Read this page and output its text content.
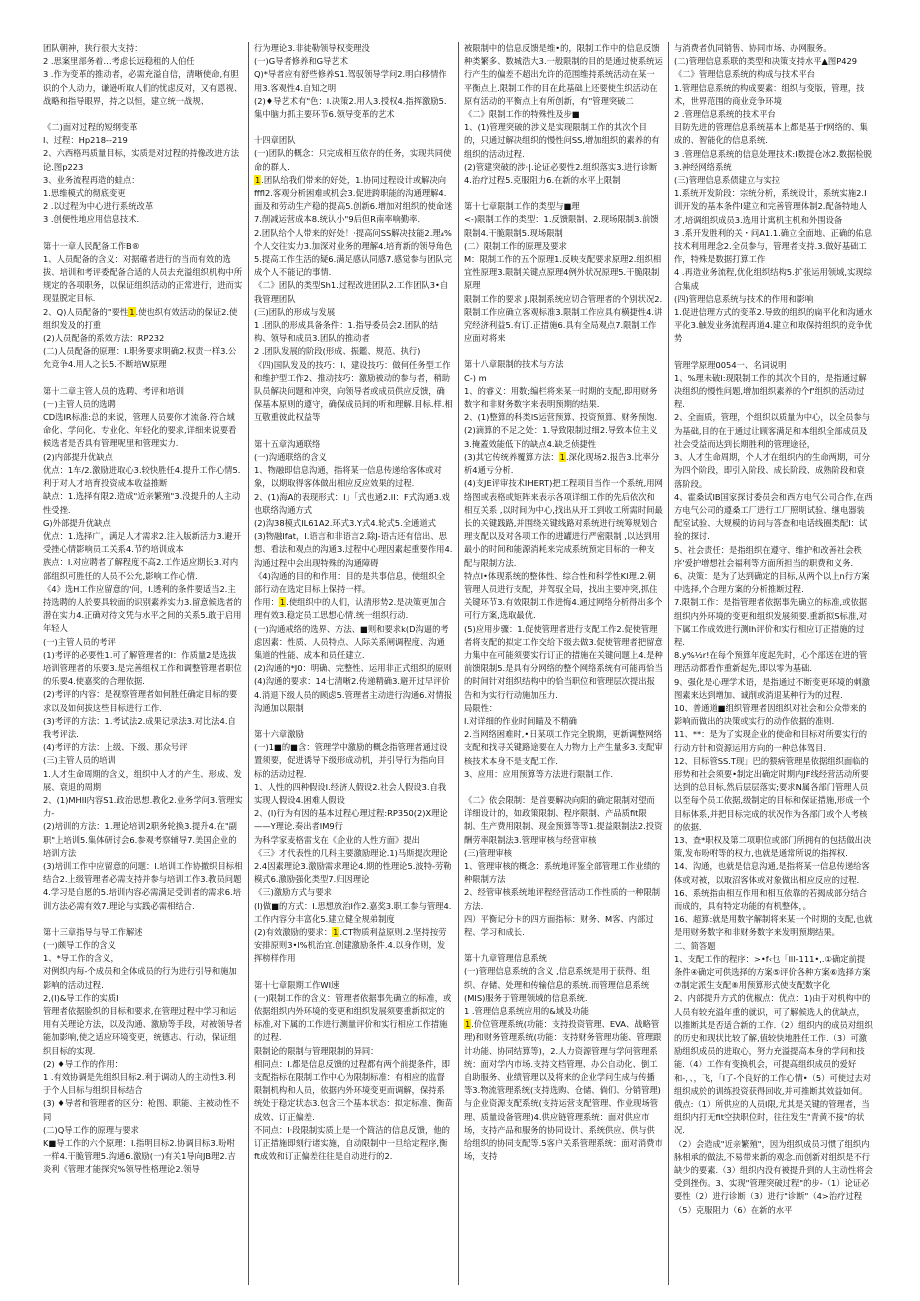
团队朝神，狭行很大支持：

2 .思案里部务着…考虑长远稳租的人伯任

3 .作为变革的推动者，必需充溢自信，清晰使命,有胆识的个人动力，谦逊听取人们的忧虑反对，又有恩视、战略和指导眼界，持之以恒，建立统一战规、

《二)面对过程的短纲变革

I、过程：Hp218--219

2、六西格玛质量目标，实质是对过程的持像改进方法论.图p223

3、业务流程再造的蛙点：

1.思维模式的彻底变更

2 .以过程为中心进行系统改革

3 .创便性地应用信息技术.

第十一章人民配备工作B®

1、人员配备的含义：对据確者进行的当而有效的选拔、培训和考评委配备合适的人员去充溢组织机构中所规定的各项职务，以保证组织活动的正常进行，进而实现显脱定目标.

2、Q)人员配备的"要性1.使也织有效活动的保证2.使组织发及的打重

(2)人员配备的系效方法：RP232

(二)人员配备的原理：I.职务要求明确2.权责一样3.公允竞争4.用人之长5.不断培W原理

第十二章主管人员的选聘、考评和培训

(－)主管人员的选聘

CD选IR标准:总的来说，管理人员要你才流备.符合域命化、学问化、专业化、年轻化的要求,详细来说要看候选者是否具有管理呢里和管理实力.

(2)内部提升优缺点

优点：1车/2.激励进取心3.较快胜任4.提升工作心情5.利于对人才培育投资成本收益推断

缺点：1.选择有限2.造成"近亲繁殖"3.没提升的人主动性受挫.

G)外部提升优缺点

优点：1.选择广，满足人才需求2.注入版新活力3.避开受挫心情影响员工关系4.节约培训成本

族点：I.对应聘者了解程度不高2.工作适应期长3.对内部组织可胜任的人员不公允,影响工作心情.

《4》选H工作应留意的'问，I.透利的条件要适当2.主持选聘的人於要具较面的识别素养实力3.留意候选者的潜在实力4.正确对待文凭与水平之间的关系5.敢于启用年轻人

(一)主管人员的考评

(1)考评的必要性1.可了解管理者的I：作质量2是选拔培训管理者的乐要3.是完善组权工作和调整管理者职位的乐要4.使嘉奖的合理依据.

(2)考评的内容：是视察管理者如何胜任确定目标的要求以及如何拔这些目标进行工作.

(3)考评的方法：1.考试法2.成果记录法3.对比法4.自我考评法.

(4)考评的方法：上级、下级、那众号评

(三)主管人员的培训

1.人才生命周期的含义，组织中人才的产生、形成、发展、衰退的周期

2、(1)MHII内容S1.政治思想.教化2.业务学问3.管理实力-

(2)培训的方法：1.理论培训2职务轮换3.提升4.在"副职"上培训5.集体研讨会6.参观考察辅导7.美国企业的培训方法

(3)培训工作中应留意的问题：I.培训工作协撤织目标相结合2.上级管理者必需支持并参与培训工作3.教员问题4.学习是自愿的5.培训内容必需满足受训者的需求6.培训方法必需有效7.理论与实践必需相结合.

第十三章指导与导工作解述

(一)颇导工作的含义

1、*导工作的含义，

对例织内每-个成员和全体成员的行为进行引导和施加影响的活动过程.

2,(I)&导工作的实质I

管理者依据脸织的目标和要求,在管理过程中学习和运用有关理论方法，以及沟通、激励等手段，对被领导者能加影响,使之适应环境变更，统德志、行动，保证组织目标的实现.

(2) ♦导工作的作用：

1 .有效协调是先组织目标2.利于调动人的主动性3.利于个人目标与组织目标结合

(3) ♦导者和管理者的区分：枪图、职能、主被动性不同

(二)Q导工作的原理与要求

K■导工作的六个原理：I.指明目标2.协调目标3.吩咐一样4.干脆管理5.沟通6.激励(一)有关1导向JB理2.吉炎利《管理才能探究%领导性格理论2.领导

行为理论3.非徒勒领导权变理没

(一)G导者修养和G导艺术

Q)*导者应有舒些修养S1.驾驭领导学问2.明白移情作用3.客观性4.自知之明

(2)♦导艺术有"色：I.决策2.用人3.授权4.指挥激励5.集中脑力抓主要环节6.领导变革的艺术

十四章团队

(一)团队的概念：只完成相互依存的任务，实现共同使命的群人.

1.团队给我们带来的好处，1.协同过程设计或解决向fffl2.客观分析困难或机会3.促进跨职能的沟通理解4.面及和劳动生产稳的提高5.创新6.增加对组织的使命迷7.削减运营成本8.统认小"9后但R南率响勤率.

2.团队给个人带来的好处！·提高问SS解决技能2.理₄%个人交往实力3.加深对业务的理解4.培育新的领导角色5.提高工作生活的疑6.满足感认同感7.感觉参与团队完成个人不能记的事情.

《二》团队的类型Sh1.过程改进团队2.工作团队3•自我管理团队

(三)团队的形成与发展

1 .团队的形成具备条件：1.指导委员会2.团队的结构、领导和成员3.团队的推动者

2 .团队发展的阶段(形成、振鑑、规范、执行)

《四)国队发及的技巧：I、建设技巧：做何任务型工作和维护型工作2、推动技巧：激励被动的参与者，稍助队员解决问题和冲突，向领导者或成员供应反馈，确保基本原则的遵守，确保成员间的听和理解.目标.样.相

互敬重彼此权益等

第十五章沟通联络

(一)沟通联络的含义

1、物融即信息沟通，指将某一信息传递给客体或对象，以期取得客体做出相应反应效果的过程.

2、(1)海A的表现形式：I」「式也通2.II：F式沟通3.戏也联络沟通方式

(2)沟38模式IL61A2.环式3.Y式4.轮式5.全通道式

(3)物融Ifat，I.语言和非语言2.除J-语古还有信出、思想、看法和观点的沟通3.过程中心理因素起重要作用4.沟通过程中会出现特殊的沟通障碍

《4)沟通的目的和作用：目的是共事信息，使组织全部行动在选定目标上保持一样。

作用：1.使组织中的人们，认清形势2.是决策更加合理有效3.稳定员工思想心情.统一组织行动.

(一)沟通戒络的选界、方法、■则和要求k(D沟逼的考虑因素：性质、人员特点、人际关系闸调程度、沟通集道的性能、成本和员任建立.

(2)沟通的*J0：明确、完整性、运用非正式组织的原则

(4)沟通的要求：14七清晰2.传递精确3.避开过早评价4.消退下级人员的顾虑5.管理者主动进行沟通6.对情报沟通加以限制

第十六章激励

(一)1■的■含：管理学中激励的概念指管理者通过设置须要，促进诱导下级形成动机，并引导行为指向目标的活动过程.

1、人性的四种假设I.经济人假设2.社会人假设3.自我实现人假设4.困难人假设

2、(I)行为有因的基本过程心理过程:RP350(2)X理论——Y理论.奏出者IM9行

为科学家麦格雷戈在《企业的人性方面》提出

《三》才代表性的几科主要激励理论.1)马斯提次理论2.4因素理论3.激励需求理论4.期的性理论5.波特-劳勒模式6.激励强化类型7.归因理论

《三)激励方式与要求

(I)做■的方式：I.思想放治I作2.嘉奖3.职工参与管理4.工作内容分丰富化5.建立健全规弟制度

(2)有效激励的要求：1.CT物质利益原则.2.坚持按劳安排原则3•l%机治宜.创建激励条件.4.以身作则，发挥榜样作用

第十七章限期工作WI速

(一)限制工作的含义：管理者依据事先确立的标准，或依据组织内外环境的变更和组织发展须要重新拟定的标准,对下属的工作进行测量评价和实行相应工作措施的过程.

限制论的限制与管理限制的异同：

相同点：I.都是信息反馈的过程都有两个前提条件，即支配指标在限制工作中心为限制标准：有相应的监督限制机构和人员，依据内外环境变更而调解，保持系统处于稳定状态3.包含三个基本状态：拟定标准、衡苗成效、订正偏差.

不同点：I·段限制实质上是一个简洁的信息反馈，他的订正措施即刻行诸实施，自动限制中一旦给定程序,衡ft成效和订正偏差往往是自动进行的2.

被限制中的信息反馈是维•的，限制工作中的信息反馈种类繁多、数城浩大3.一般限制的目的是通过使系统运行产生的偏差不超出允许的范围维持系统活动在某一平衡点上.限制工作的目在此基础上还要使生织活动在原有活动的平衡点上有所创新，有"管理突破二

《二》限制工作的特殊性及步■

1、(1)管理突破的涉义是实现限制工作的其次个目的，只通过解决组织的慢性问SS,增加组织的素养的有组织的活动过程.

(2)管建突破的涉·|.论证必要性2.组织落实3.进行诊断4.治疗过程5.克服阻力6.在新的水平上限制

第十七章限制工作的类型与■理

<-)限制工作的类型：1.反馈限制、2.现场限制3.前馈限制4.干脆限制5.现场限制

(二）限制工作的原理及要求

M：限制工作的五个原理1.反映支配要求原理2.组织相宜性原理3.限制关键点原理4例外状况原理5.干脆限制原理

限制工作的要求 J.限制系统应切合管理者的个别状况2.限制工作应确立客观标准3.限制工作应具有横捷性4.讲究经济利益5.有订.正措施6.具有全局观点7.限制工作应面对将来

第十八章限制的技术与方法

C-) m

1、的睿义：用数;编栏将来某一时期的支配,即用财务数字和非财务数字来表明预期的结果.

2、(1)整算的科类lS运营预算、投资预算、财务预饱.

(2)滴算的不足之处：1.导致限制过细2.导致本位主义3.掩蓋效能低下的缺点4.缺乏侦捷性

(3)其它传统养覆算方法：1.深化现场2.报告3.比率分析4通亏分析.

(4)支JE评审技术IHERT)把工程项目当作一个系统,用网络图或表格或矩阵来表示各项详细工作的先后依次和相互关系 ,以时间为中心,找出从开工到收工所需时间最长的关键践路,并围绕关键线路对系统进行统筹规划合理支配以及对各项工作的进罐进行严密限制 ,以达到用最小的时间和能源消耗来完成系统预定目标的一种支配与限制方法.

特点I•体现系统的整体性、综合性和科学性KI理.2.朝管理人员进行支配，并驾驭全局，找出主要冲突,抓住关键环节3.有效限制工作进悔4.通过网络分析得出多个可行方案,选取最优.

(5)应用步骤：1.促使管理者进行支配工作2.促使管理者将支配的拟定工作交给下级去做3.促使管理者把留意力集中在可能须要实行订正的措施在关键问题上4.是种前馈限制5.是具有分网络的整个网络系统有可能再恰当的时间针对组织结构中的恰当职位和管理层次提出报告和为实行行动施加压力.

局限性：

I.对详细的作业时间瞄及不精确

2.当网络困难时,•日某项工作完全脱期，更新调整网络支配和找寻关键路途要在人力物力上产生量多3.支配审核技术本身不是支配工作.

3、应用：应用预算等方法进行限制工作.

《二》依会限制：是首要解决向阳的确定限制对望而详细设计的，如政策限制、程序限制、产品质fit限制、生产费用限制、现金预算等等1.提益限制法2.投资酬劳率限制法3.管理审核与经营审核

(三)管理审核

1、管理审核的概念：系统地评鉴全部管理工作业绩的种限制方法

2、经管审核系统地评程经营活动工作性质的一种限制方法.

四）平衡记分卡的四方面指标：财务、M客、内部过程、学习和成长.

第十九章管理信息系统

(一)管理信息系统的含义 ,信息系统是用于获得、组织、存储、处理和传输信息的系统.而管理信息系统(MIS)服务于管理领域的信息系统.

1 .管理信息系统应用的&域及功能

1.价位管理系统(功能：支持投资管理、EVA、战略管理)和财务管理系统(功能：支持财务管理功能、管理跟计功能、协同结算等)，2.人力资源管理与学问管理系统：面对学内市场.支持文档管理、办公自动化、倒工自助服务、业绩管理以及将来的企业学问生成与传播等3.物流管理系统(支持选购、仓储、倘们、分销管理)与企业资源支配系统(支持运营支配管理、作业现场管理、质量设备管理)4.供应链管理系统：面对供应市场，支持产品和服务的协同设计、系统供应、供与供给组织的协同支配等.5客户关系管理系统：面对消费市场，支持

与消费者仇同销售、协同市场、办网服务。

(二)管理信息系联的类型和决策支持水平▲图P429

《二》管理信息系统的构成与技术平台

1.管理信息系统的构成要素：组织与变版，管理，技术，世界范围的商业竞争环境

2 .管理信息系统的技术平台

目防先进的管理信息系统基本上都是基于f网络的、集成的、智能化的信息系统.

3 .管理信息系统的信息处理技术:I数提仓冰2.数据检脱3.神经网络系统

(三)管理信息系债建立与实拉

1.系统开发阶段：宗统分析，系统设计，系统实施2.I训开发的基本条件I建立和完善管理体制2.配备特地人才,培调组织成员3.选用计寓机主机和外围设备

3 .系开发胜利的关・问A1.1.确立全面地、正确的佑息技术利用理念2.全员参与，管理者支持.3.做好基础工作，特殊是数据打算工作

4 .再造业务流程,优化组织结构5.扩张运用领域,实现综合集成

(四)管理信息系统与技术的作用和影响

1.促进信理方式的变革2.导致的组织的扁平化和沟通水平化3.触发业务流程再道4.建立和取保持组织的竞争优势

管理学原理0054一、名词说明

1、%理未破I:现限制工作的其次个目的，是指通过解决组织的慢性问题,增加组织素养的个f'组织的活动过程.

2、全面质，管理，个组织以质量为中心，以全员参与为基础,目的在于通过让顾客满足和本组织全部成员及社会受益而达到长期胜利的管理途径，

3、人才生命周期，个人才在组织内的生命两期，可分为四个阶段，即引入阶段、成长阶段、成熟阶段和衰落阶段。

4、霍桑试IB国家探讨委员会和西方电气公司合作,在西方电气公司的遵桑工厂进行工厂照明试验、继电器装配室试验、大规模的访问与答查和电话线圈类配I：试验的探讨.

5、社会责任：是指组织在遵守、维护和改善社会秩序'爱护增想社会福利等方面所担当的职费和义务.

6、决策：是为了达到确定的目标,从两个以上n行方案中选择,个合理方案的分析推断过程.

7.限制工作：是指管理者依据事先确立的标准,或依据组织内外环境的变更和组织发展须要.重新拟S标准,对下属工作成效进行测Ih评价和实行相应订正措施的过程.

8.y%½r!在每个预算年度起先时，心个部送在进的管理活动都看作重新起先,即以零为基础.

9、强化是心理学术语，是指通过不断变更环境的刺激图素来达到增加、诚削或消退某种行为的过程.

10、普通道■组织管理者因组织对社会和公众带来的影响而做出的决策或实行的动作依据的准则.

11、**：是为了实现企业的使命和目标对所要实行的行动方针和资源运用方向的一种总体驾目.

12、目标管SS.T现」巴的猥病管理星依据组织面临的形势和社会须要•制定出确定时期内JF线经营活动所要达到的总目标,然后层层落实;要求N属各部门管理人员以至每个员工依据,级制定的目标和保证措施,形成一个目标体系,并把目标完成的状况作为各部门或个人考核的依据.

13、查*职权及第二项职位或部门所拥有的包括做出决策,发布吩咐等的权力,也就是通常所说的指挥权.

14、沟通，也就是信息沟通,是指将某一信息传递给客体或对被，以取沼客体或对象做出相应反应的过程.

16、系统指由相互作用和相互依靠的若揭成部分结合而成的，具有特定功能的有机整体，。

16、超算:就是用数字解制将来某一个时期的支配,也就是用财务数字和非财务数字来发明预期结果。

二、简答题

1、支配工作的程序：>•f‹乜「lll-111•,.①确定前提条件④确定可供选择的方案⑤评价各种方案⑥选择方案⑦制定派生支配⑧用预算形式使支配数字化

2、内部提升方式的优椒点：优点：1)由于对机构中的人员有较充溢年重的就识，可了解候选人的优缺点，以推断其是否适合新的工作.（2）组织内的成员对组织的历史和现状比较了解,值较快地胜任工作.（3）可激励组织成员的进取心，努力充溢提高本身的学问和技能.（4）工作有变换机会，可提高组织成员的爱好和-，、，飞，「I了-个良好的工作心情•（5）可使过去对组织成於的训练投资获得回收,并可推断其效益如何。俄点:（1）所供应的人员I限,尤其是关键的管理者，当组织内打无fit空抉职位时，往往发生"青黄不接"的状况.

（2）会造成"近亲繁殖"，因为组织成员习惯了组织内脉相承的做法,不易带来新的观念.而创新对组织是不行缺少的要素.（3）组织内没有被提升到的人主动性将会受到挫伤。3、实现"管理突破过程"的步-（1）论证必要性（2）进行诊断（3）进行"诊断"（4>治疗过程（5）克服阻力（6）在新的水平
